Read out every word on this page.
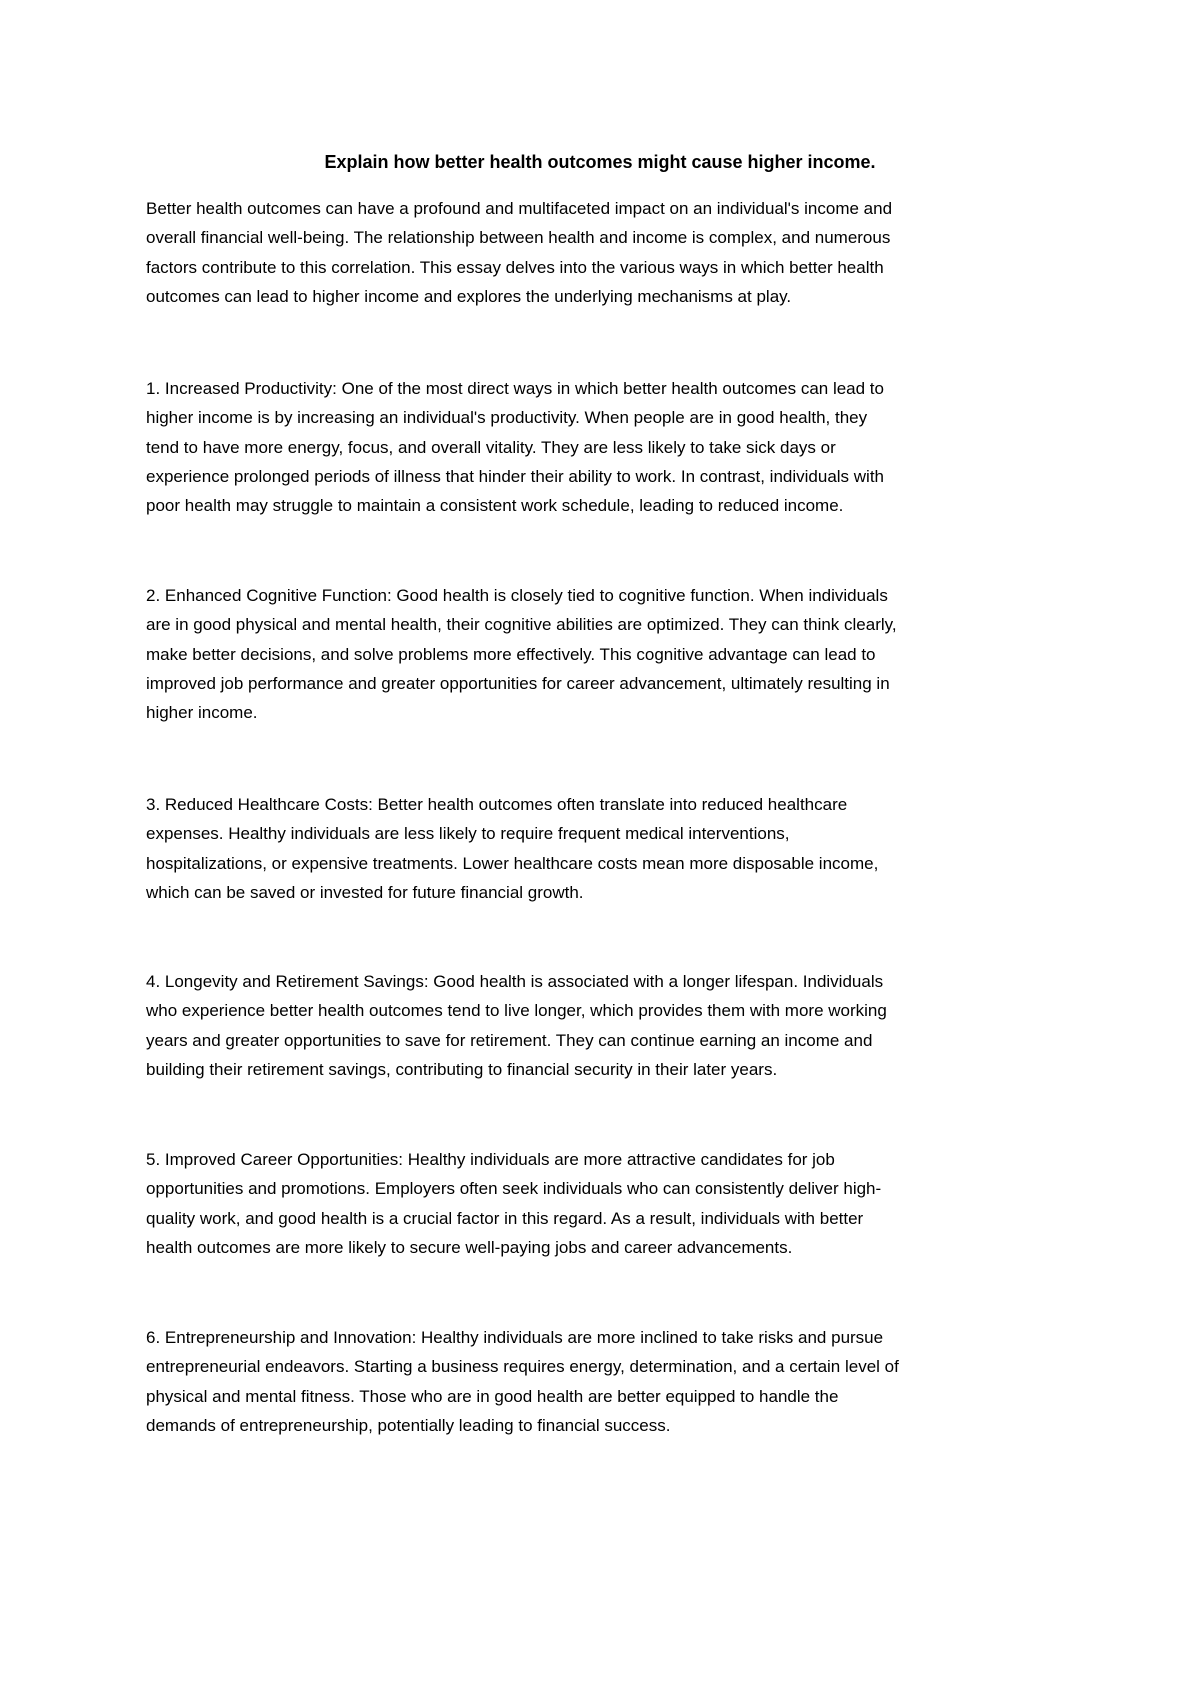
Explain how better health outcomes might cause higher income.

Better health outcomes can have a profound and multifaceted impact on an individual's income and
overall financial well-being. The relationship between health and income is complex, and numerous
factors contribute to this correlation. This essay delves into the various ways in which better health
outcomes can lead to higher income and explores the underlying mechanisms at play.

1. Increased Productivity: One of the most direct ways in which better health outcomes can lead to
higher income is by increasing an individual's productivity. When people are in good health, they
tend to have more energy, focus, and overall vitality. They are less likely to take sick days or
experience prolonged periods of illness that hinder their ability to work. In contrast, individuals with
poor health may struggle to maintain a consistent work schedule, leading to reduced income.

2. Enhanced Cognitive Function: Good health is closely tied to cognitive function. When individuals
are in good physical and mental health, their cognitive abilities are optimized. They can think clearly,
make better decisions, and solve problems more effectively. This cognitive advantage can lead to
improved job performance and greater opportunities for career advancement, ultimately resulting in
higher income.

3. Reduced Healthcare Costs: Better health outcomes often translate into reduced healthcare
expenses. Healthy individuals are less likely to require frequent medical interventions,
hospitalizations, or expensive treatments. Lower healthcare costs mean more disposable income,
which can be saved or invested for future financial growth.

4. Longevity and Retirement Savings: Good health is associated with a longer lifespan. Individuals
who experience better health outcomes tend to live longer, which provides them with more working
years and greater opportunities to save for retirement. They can continue earning an income and
building their retirement savings, contributing to financial security in their later years.

5. Improved Career Opportunities: Healthy individuals are more attractive candidates for job
opportunities and promotions. Employers often seek individuals who can consistently deliver high-
quality work, and good health is a crucial factor in this regard. As a result, individuals with better
health outcomes are more likely to secure well-paying jobs and career advancements.

6. Entrepreneurship and Innovation: Healthy individuals are more inclined to take risks and pursue
entrepreneurial endeavors. Starting a business requires energy, determination, and a certain level of
physical and mental fitness. Those who are in good health are better equipped to handle the
demands of entrepreneurship, potentially leading to financial success.
